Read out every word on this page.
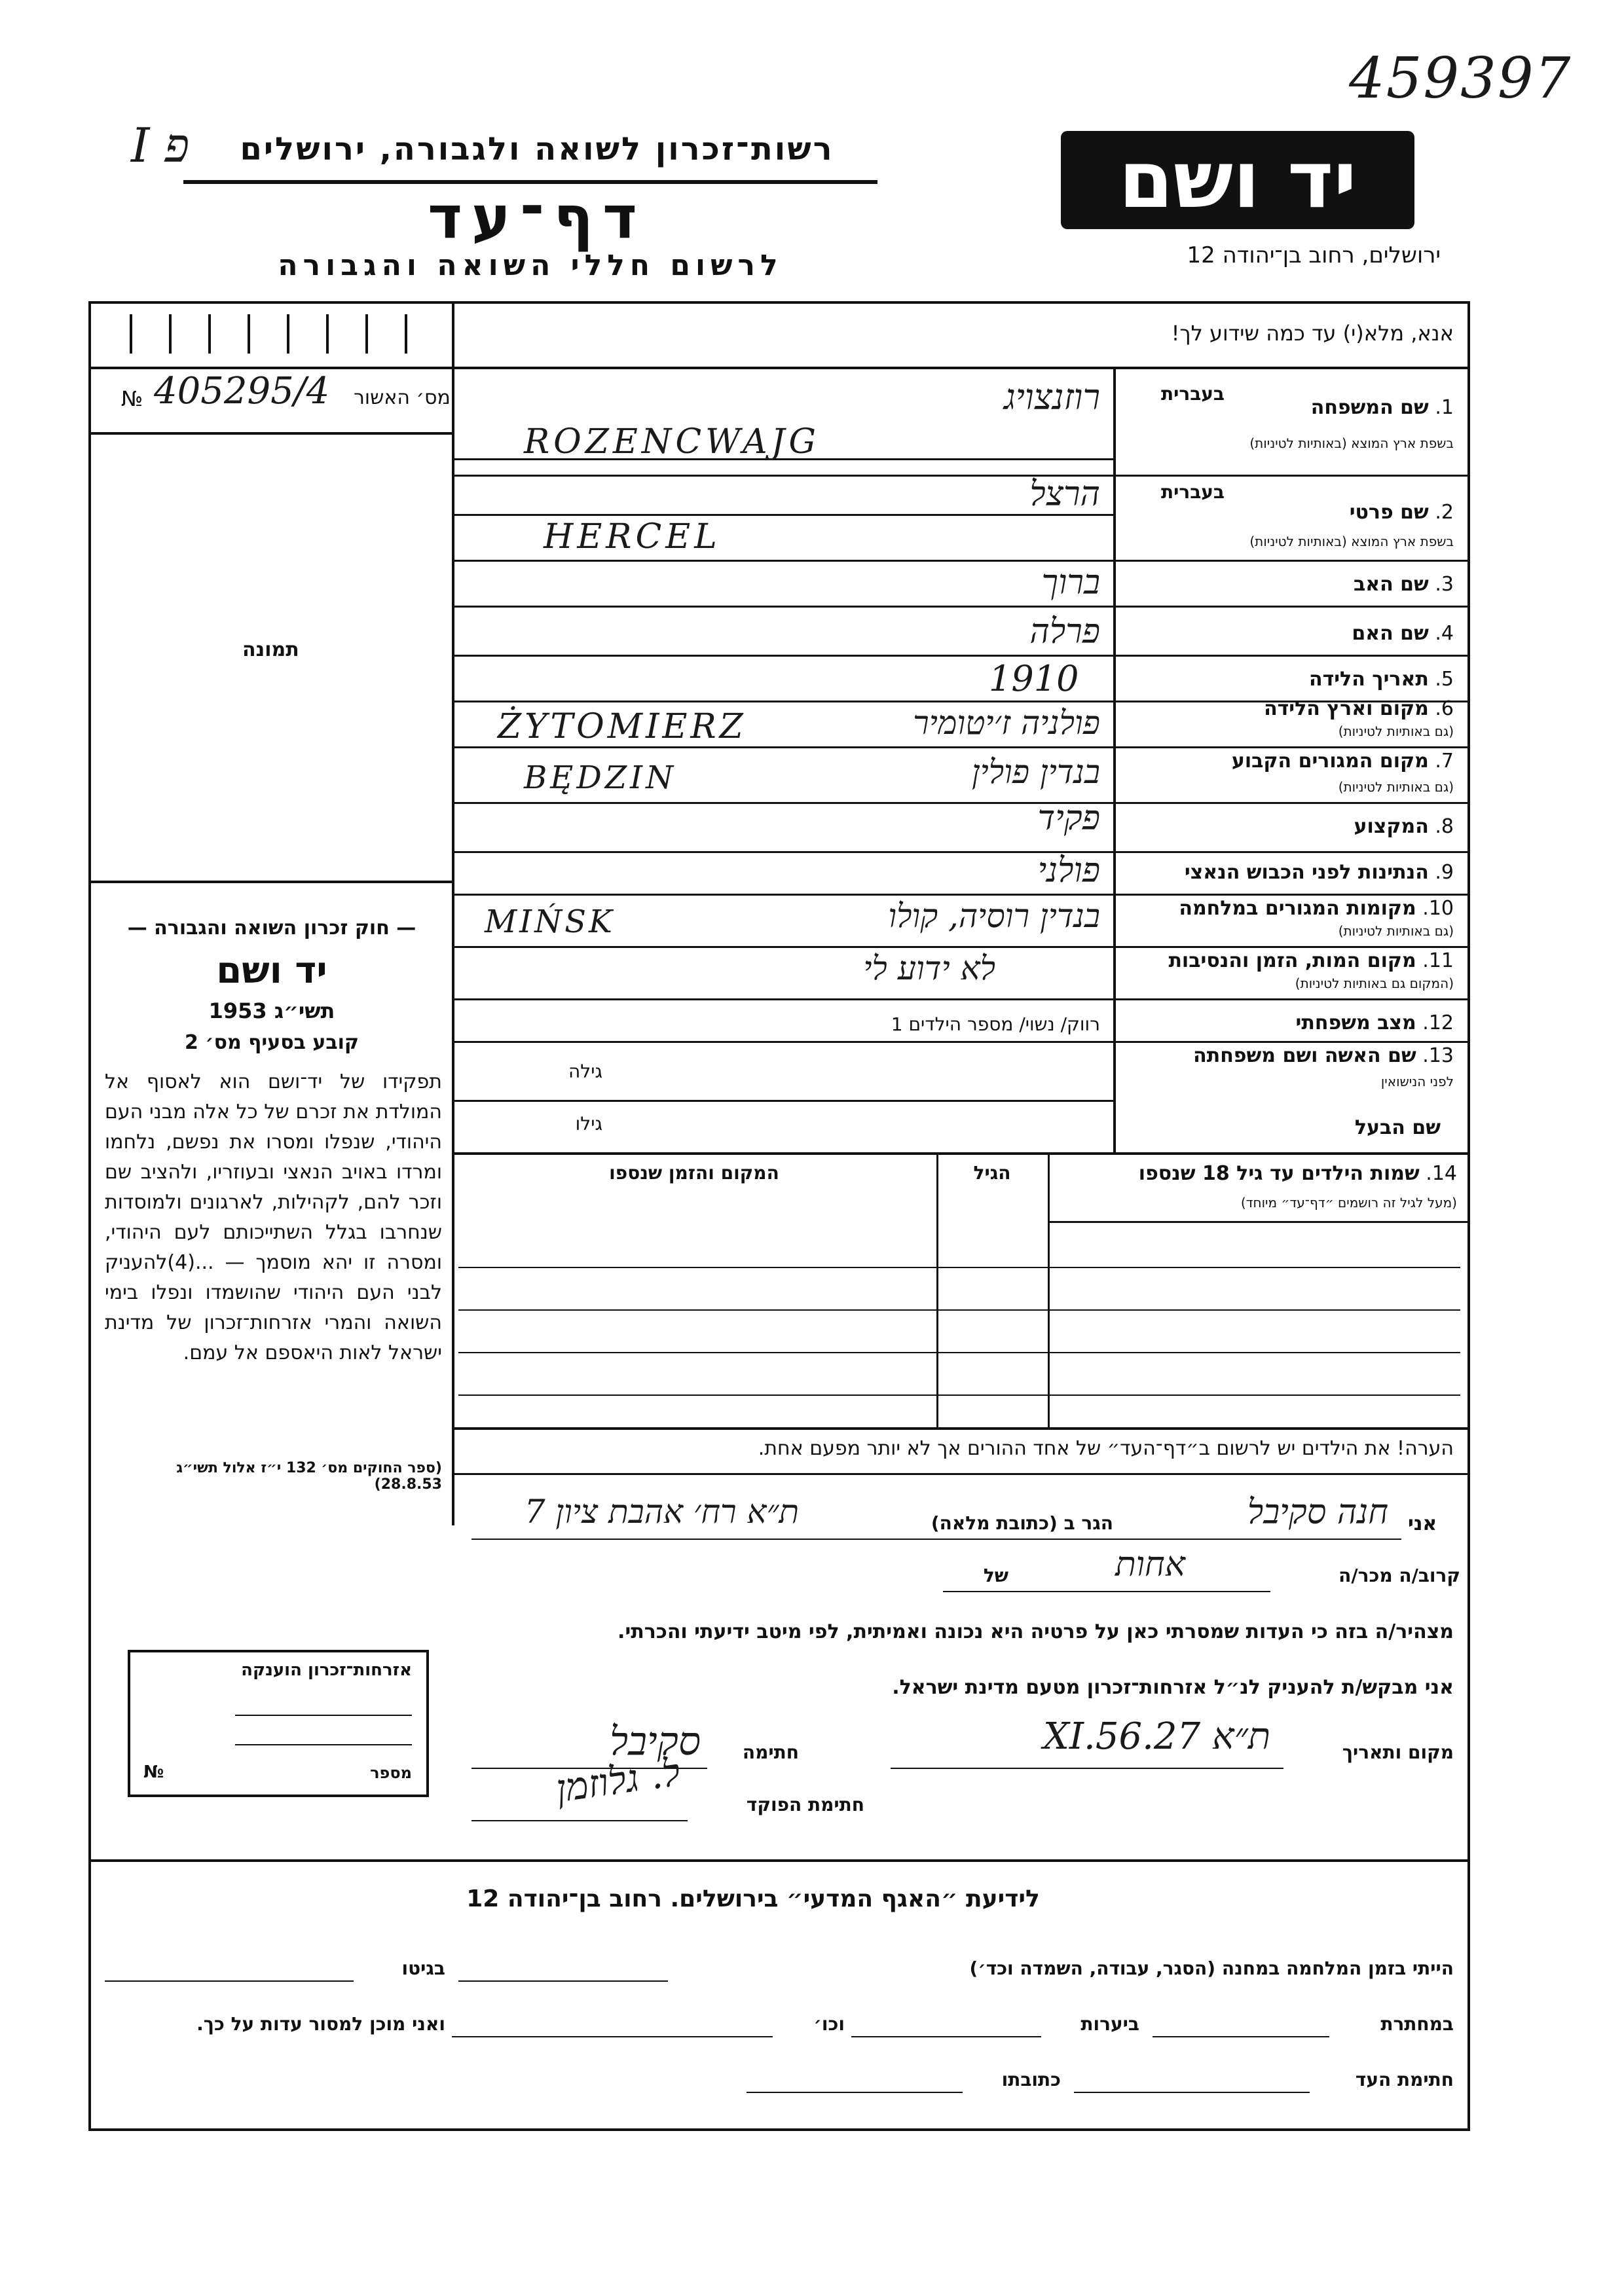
I פ
459397
רשות־זכרון לשואה ולגבורה, ירושלים	יד ושם
דף־עד
ירושלים, רחוב בן־יהודה 12
לרשום חללי השואה והגבורה
אנא, מלא(י) עד כמה שידוע לך!
№ 405295/4 מס׳ האשור
תמונה
— חוק זכרון השואה והגבורה —
יד ושם
תשי״ג 1953
קובע בסעיף מס׳ 2
תפקידו של יד־ושם הוא לאסוף אל המולדת את זכרם של כל אלה מבני העם היהודי, שנפלו ומסרו את נפשם, נלחמו ומרדו באויב הנאצי ובעוזריו, ולהציב שם וזכר להם, לקהילות, לארגונים ולמוסדות שנחרבו בגלל השתייכותם לעם היהודי, ומסרה זו יהא מוסמך — ...(4)להעניק לבני העם היהודי שהושמדו ונפלו בימי השואה והמרי אזרחות־זכרון של מדינת ישראל לאות היאספם אל עמם.
(ספר החוקים מס׳ 132 י״ז אלול תשי״ג 28.8.53)
1. שם המשפחה
בעברית
בשפת ארץ המוצא (באותיות לטיניות)
רוזנצויג
ROZENCWAJG
בעברית
2. שם פרטי
בשפת ארץ המוצא (באותיות לטיניות)
הרצל
HERCEL
3. שם האב
ברוך
4. שם האם
פרלה
5. תאריך הלידה
1910
6. מקום וארץ הלידה
(גם באותיות לטיניות)
פולניה ז׳יטומיר
ŻYTOMIERZ
7. מקום המגורים הקבוע
(גם באותיות לטיניות)
בנדין פולין
BĘDZIN
8. המקצוע
פקיד
9. הנתינות לפני הכבוש הנאצי
פולני
10. מקומות המגורים במלחמה
(גם באותיות לטיניות)
בנדין רוסיה, קולו
MIŃSK
11. מקום המות, הזמן והנסיבות
(המקום גם באותיות לטיניות)
לא ידוע לי
12. מצב משפחתי
רווק/ נשוי/ מספר הילדים 1
13. שם האשה ושם משפחתה
לפני הנישואין
גילה
שם הבעל
גילו
14. שמות הילדים עד גיל 18 שנספו
(מעל לגיל זה רושמים ״דף־עד״ מיוחד)
הגיל
המקום והזמן שנספו
הערה! את הילדים יש לרשום ב״דף־העד״ של אחד ההורים אך לא יותר מפעם אחת.
אני
חנה סקיבל
הגר ב (כתובת מלאה)
ת״א רח׳ אהבת ציון 7
קרוב/ה מכר/ה
אחות
של
מצהיר/ה בזה כי העדות שמסרתי כאן על פרטיה היא נכונה ואמיתית, לפי מיטב ידיעתי והכרתי.
אני מבקש/ת להעניק לנ״ל אזרחות־זכרון מטעם מדינת ישראל.
מקום ותאריך
ת״א 27.XI.56
חתימה
סקיבל
חתימת הפוקד
ל. גלוזמן
אזרחות־זכרון הוענקה
מספר
№
לידיעת ״האגף המדעי״ בירושלים. רחוב בן־יהודה 12
הייתי בזמן המלחמה במחנה (הסגר, עבודה, השמדה וכד׳)
בגיטו
במחתרת
ביערות
וכו׳
ואני מוכן למסור עדות על כך.
חתימת העד
כתובתו
